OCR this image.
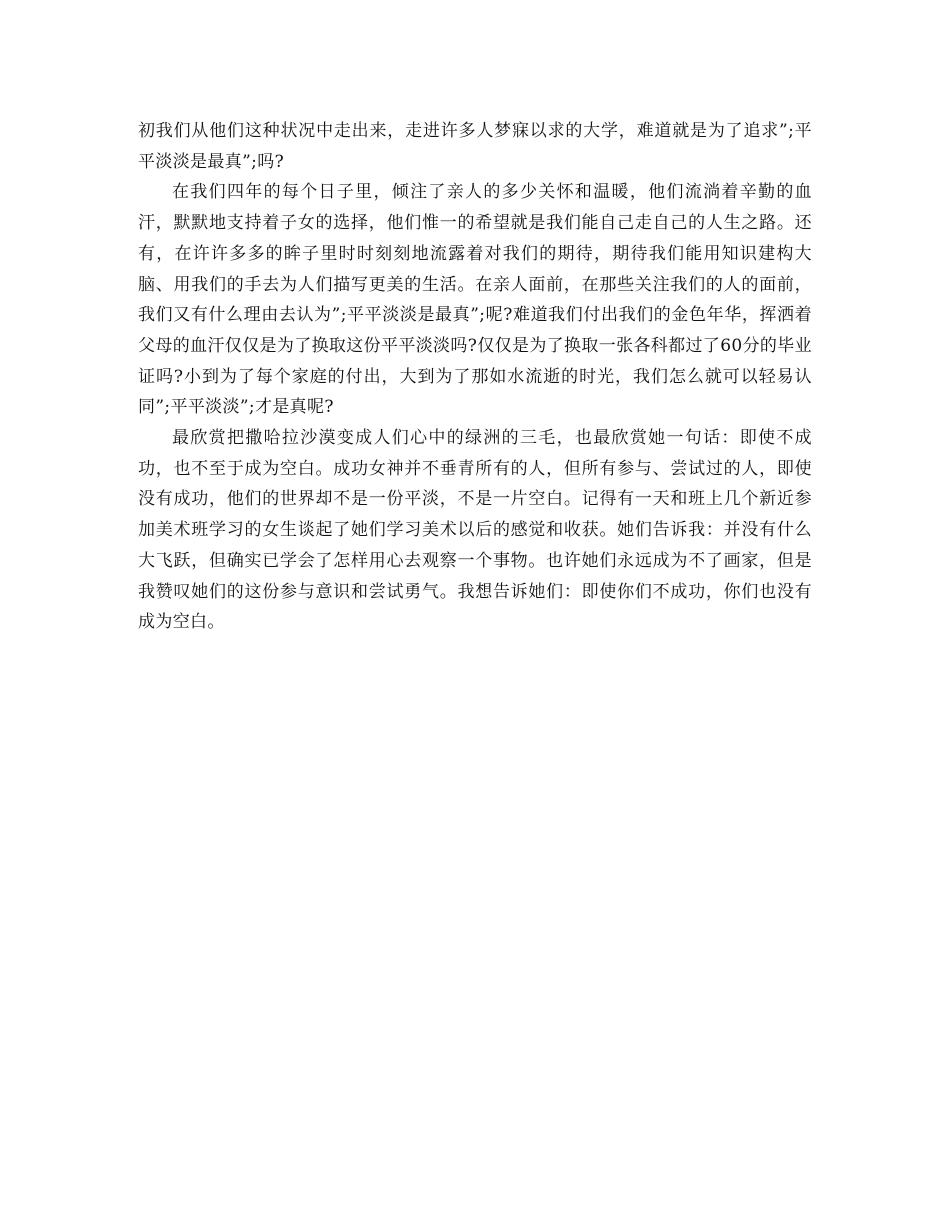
初我们从他们这种状况中走出来，走进许多人梦寐以求的大学，难道就是为了追求”;平平淡淡是最真”;吗?

在我们四年的每个日子里，倾注了亲人的多少关怀和温暖，他们流淌着辛勤的血汗，默默地支持着子女的选择，他们惟一的希望就是我们能自己走自己的人生之路。还有，在许许多多的眸子里时时刻刻地流露着对我们的期待，期待我们能用知识建构大脑、用我们的手去为人们描写更美的生活。在亲人面前，在那些关注我们的人的面前，我们又有什么理由去认为”;平平淡淡是最真”;呢?难道我们付出我们的金色年华，挥洒着父母的血汗仅仅是为了换取这份平平淡淡吗?仅仅是为了换取一张各科都过了60分的毕业证吗?小到为了每个家庭的付出，大到为了那如水流逝的时光，我们怎么就可以轻易认同”;平平淡淡”;才是真呢?

最欣赏把撒哈拉沙漠变成人们心中的绿洲的三毛，也最欣赏她一句话：即使不成功，也不至于成为空白。成功女神并不垂青所有的人，但所有参与、尝试过的人，即使没有成功，他们的世界却不是一份平淡，不是一片空白。记得有一天和班上几个新近参加美术班学习的女生谈起了她们学习美术以后的感觉和收获。她们告诉我：并没有什么大飞跃，但确实已学会了怎样用心去观察一个事物。也许她们永远成为不了画家，但是我赞叹她们的这份参与意识和尝试勇气。我想告诉她们：即使你们不成功，你们也没有成为空白。
